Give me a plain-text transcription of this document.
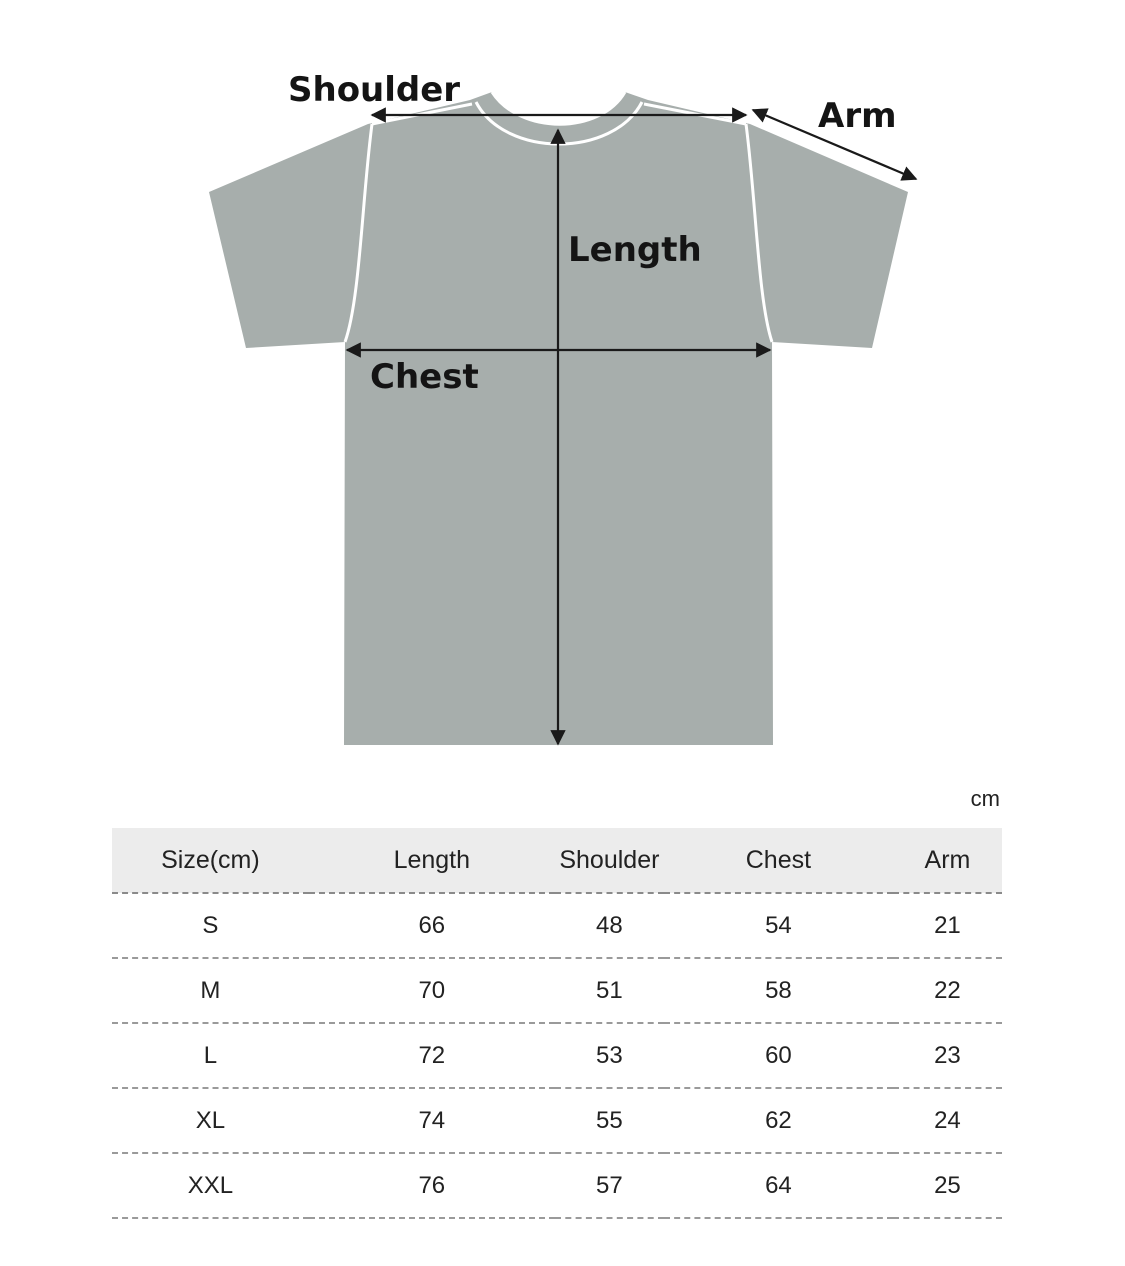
Shoulder
Arm
Length
Chest
cm
Size(cm)	Length	Shoulder	Chest	Arm
S	66	48	54	21
M	70	51	58	22
L	72	53	60	23
XL	74	55	62	24
XXL	76	57	64	25
